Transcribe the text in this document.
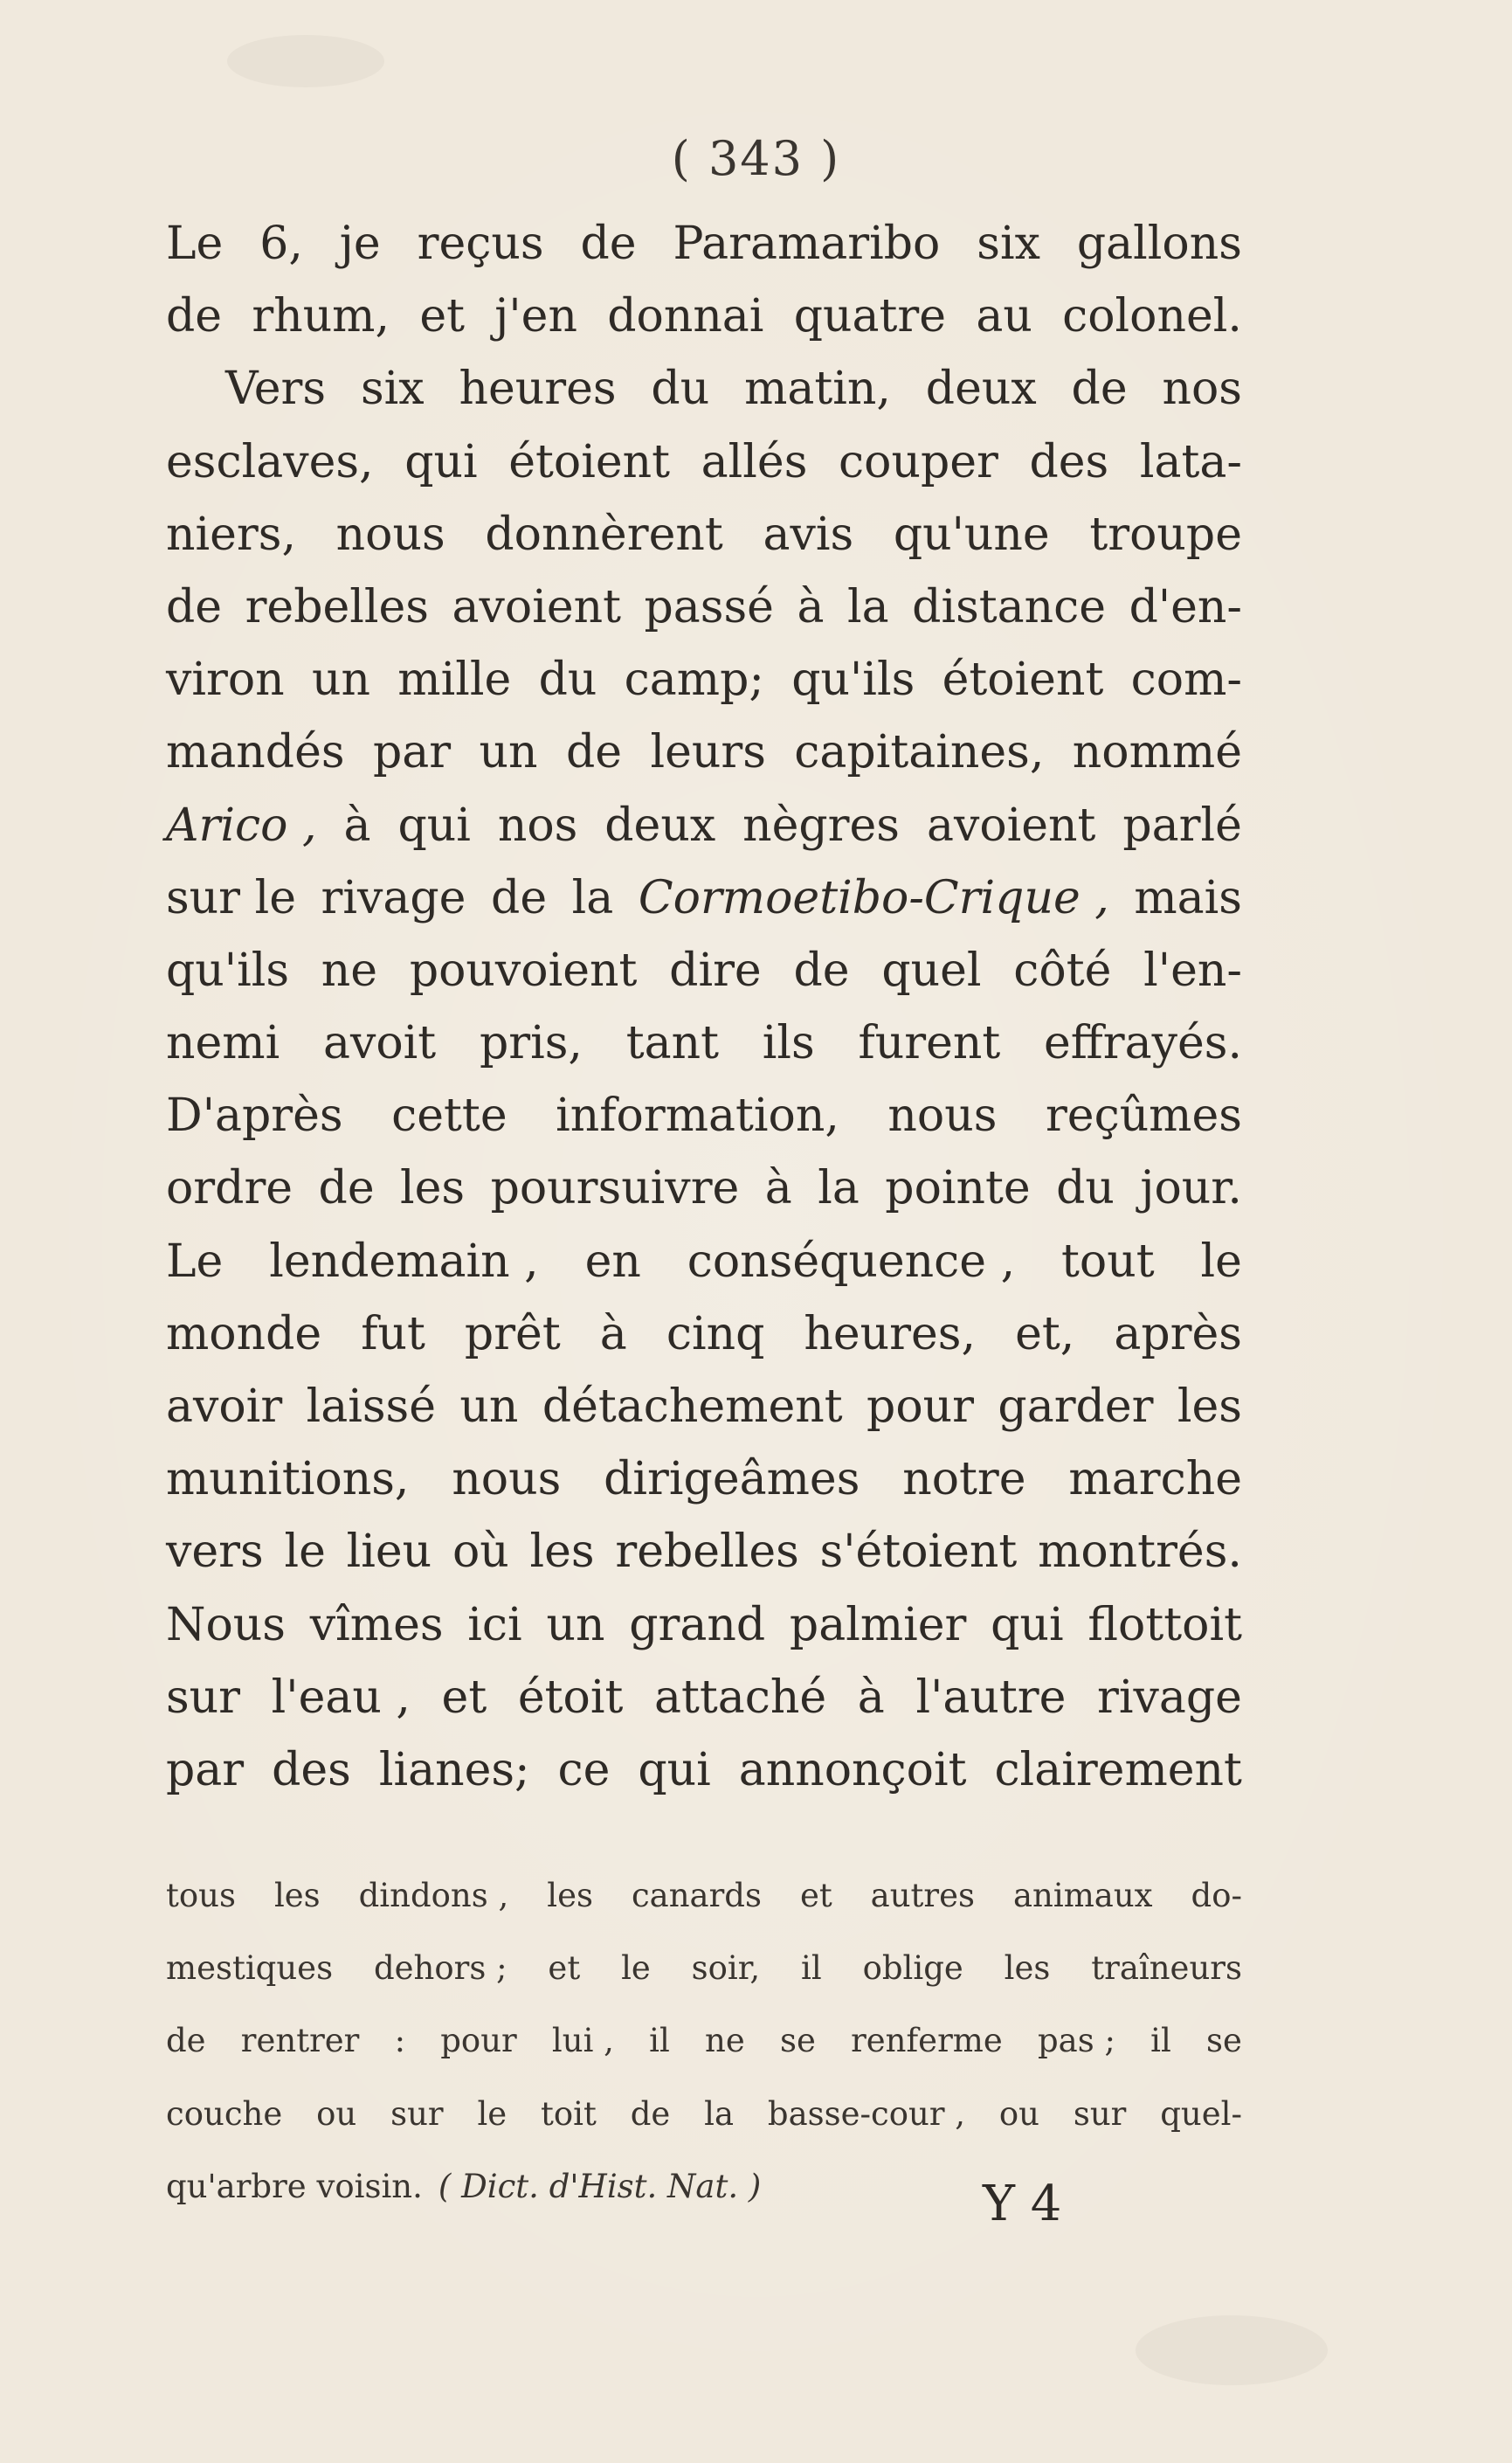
( 343 )
Le 6, je reçus de Paramaribo six gallons
de rhum, et j'en donnai quatre au colonel.
Vers six heures du matin, deux de nos
esclaves, qui étoient allés couper des lata-
niers, nous donnèrent avis qu'une troupe
de rebelles avoient passé à la distance d'en-
viron un mille du camp; qu'ils étoient com-
mandés par un de leurs capitaines, nommé
Arico , à qui nos deux nègres avoient parlé
sur le rivage de la Cormoetibo-Crique , mais
qu'ils ne pouvoient dire de quel côté l'en-
nemi avoit pris, tant ils furent effrayés.
D'après cette information, nous reçûmes
ordre de les poursuivre à la pointe du jour.
Le lendemain , en conséquence , tout le
monde fut prêt à cinq heures, et, après
avoir laissé un détachement pour garder les
munitions, nous dirigeâmes notre marche
vers le lieu où les rebelles s'étoient montrés.
Nous vîmes ici un grand palmier qui flottoit
sur l'eau , et étoit attaché à l'autre rivage
par des lianes; ce qui annonçoit clairement
tous les dindons , les canards et autres animaux do-
mestiques dehors ; et le soir, il oblige les traîneurs
de rentrer : pour lui , il ne se renferme pas ; il se
couche ou sur le toit de la basse-cour , ou sur quel-
qu'arbre voisin. ( Dict. d'Hist. Nat. )	Y 4
